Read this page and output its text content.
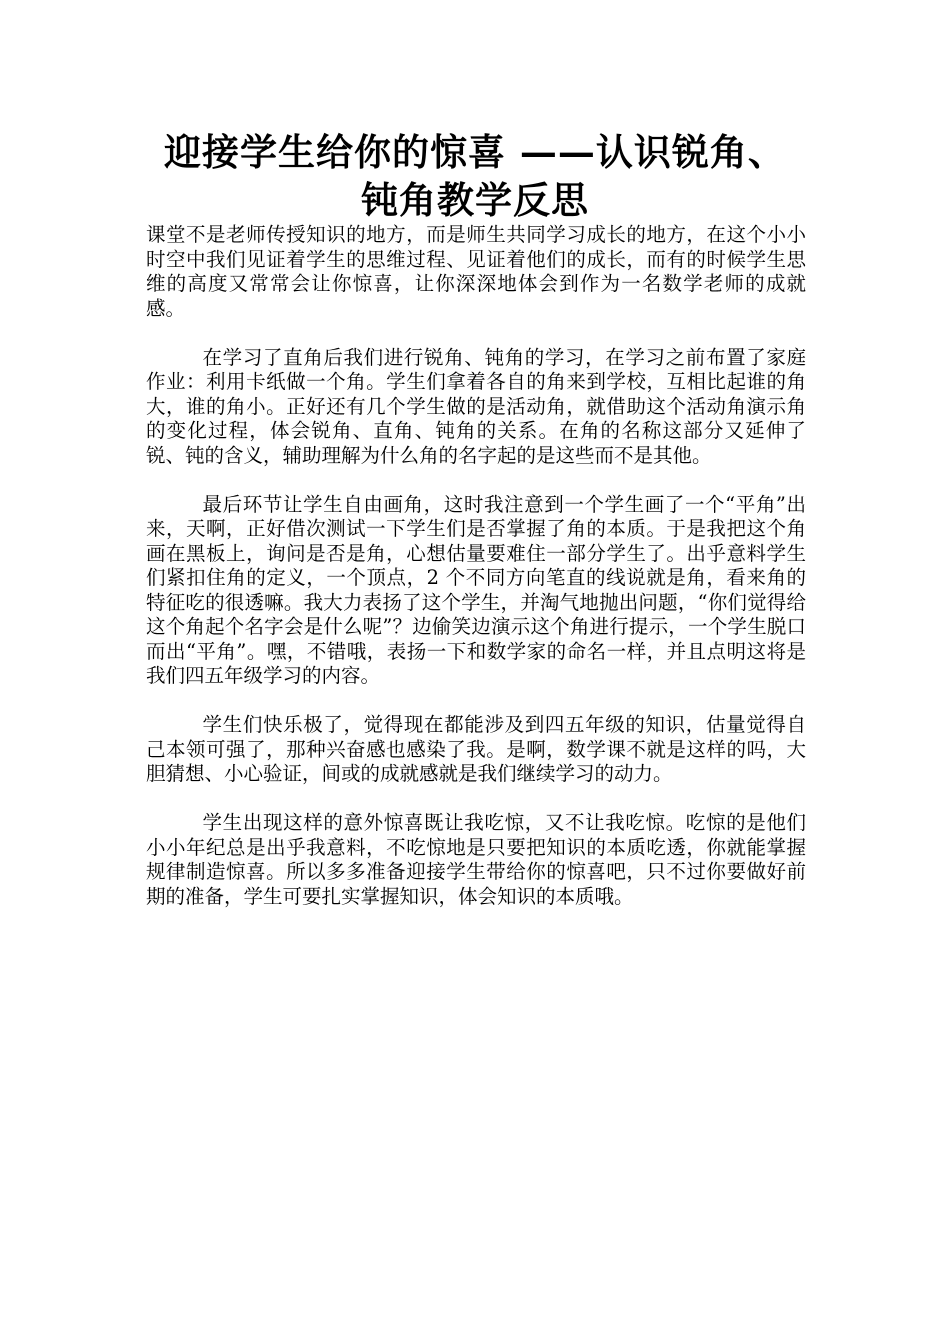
迎接学生给你的惊喜 ——认识锐角、
钝角教学反思

课堂不是老师传授知识的地方，而是师生共同学习成长的地方，在这个小小时空中我们见证着学生的思维过程、见证着他们的成长，而有的时候学生思维的高度又常常会让你惊喜，让你深深地体会到作为一名数学老师的成就感。

在学习了直角后我们进行锐角、钝角的学习，在学习之前布置了家庭作业：利用卡纸做一个角。学生们拿着各自的角来到学校，互相比起谁的角大，谁的角小。正好还有几个学生做的是活动角，就借助这个活动角演示角的变化过程，体会锐角、直角、钝角的关系。在角的名称这部分又延伸了锐、钝的含义，辅助理解为什么角的名字起的是这些而不是其他。

最后环节让学生自由画角，这时我注意到一个学生画了一个“平角”出来，天啊，正好借次测试一下学生们是否掌握了角的本质。于是我把这个角画在黑板上，询问是否是角，心想估量要难住一部分学生了。出乎意料学生们紧扣住角的定义，一个顶点，2 个不同方向笔直的线说就是角，看来角的特征吃的很透嘛。我大力表扬了这个学生，并淘气地抛出问题，“你们觉得给这个角起个名字会是什么呢”？边偷笑边演示这个角进行提示，一个学生脱口而出“平角”。嘿，不错哦，表扬一下和数学家的命名一样，并且点明这将是我们四五年级学习的内容。

学生们快乐极了，觉得现在都能涉及到四五年级的知识，估量觉得自己本领可强了，那种兴奋感也感染了我。是啊，数学课不就是这样的吗，大胆猜想、小心验证，间或的成就感就是我们继续学习的动力。

学生出现这样的意外惊喜既让我吃惊，又不让我吃惊。吃惊的是他们小小年纪总是出乎我意料，不吃惊地是只要把知识的本质吃透，你就能掌握规律制造惊喜。所以多多准备迎接学生带给你的惊喜吧，只不过你要做好前期的准备，学生可要扎实掌握知识，体会知识的本质哦。
